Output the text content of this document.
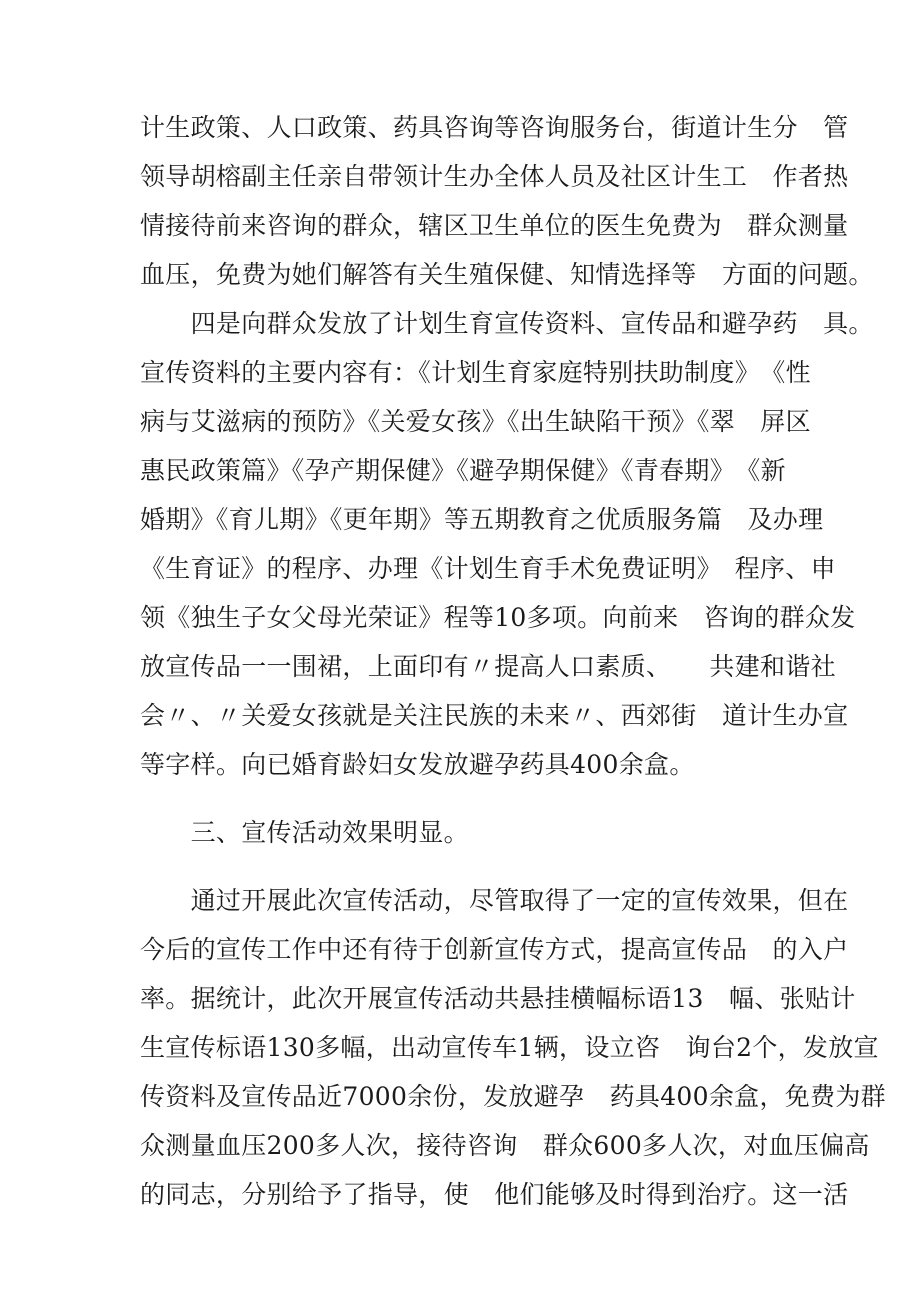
计生政策、人口政策、药具咨询等咨询服务台，街道计生分　管
领导胡榕副主任亲自带领计生办全体人员及社区计生工　作者热
情接待前来咨询的群众，辖区卫生单位的医生免费为　群众测量
血压，免费为她们解答有关生殖保健、知情选择等　方面的问题。
　　四是向群众发放了计划生育宣传资料、宣传品和避孕药　具。
宣传资料的主要内容有：《计划生育家庭特别扶助制度》　《性
病与艾滋病的预防》《关爱女孩》《出生缺陷干预》《翠　屏区
惠民政策篇》《孕产期保健》《避孕期保健》《青春期》　《新
婚期》《育儿期》《更年期》等五期教育之优质服务篇　及办理
《生育证》的程序、办理《计划生育手术免费证明》　程序、申
领《独生子女父母光荣证》程等10多项。向前来　咨询的群众发
放宣传品一一围裙，上面印有〃提高人口素质、　　共建和谐社
会〃、〃关爱女孩就是关注民族的未来〃、西郊街　道计生办宣
等字样。向已婚育龄妇女发放避孕药具400余盒。
　　三、宣传活动效果明显。
　　通过开展此次宣传活动，尽管取得了一定的宣传效果，但在
今后的宣传工作中还有待于创新宣传方式，提高宣传品　的入户
率。据统计，此次开展宣传活动共悬挂横幅标语13　幅、张贴计
生宣传标语130多幅，出动宣传车1辆，设立咨　询台2个，发放宣
传资料及宣传品近7000余份，发放避孕　药具400余盒，免费为群
众测量血压200多人次，接待咨询　群众600多人次，对血压偏高
的同志，分别给予了指导，使　他们能够及时得到治疗。这一活
